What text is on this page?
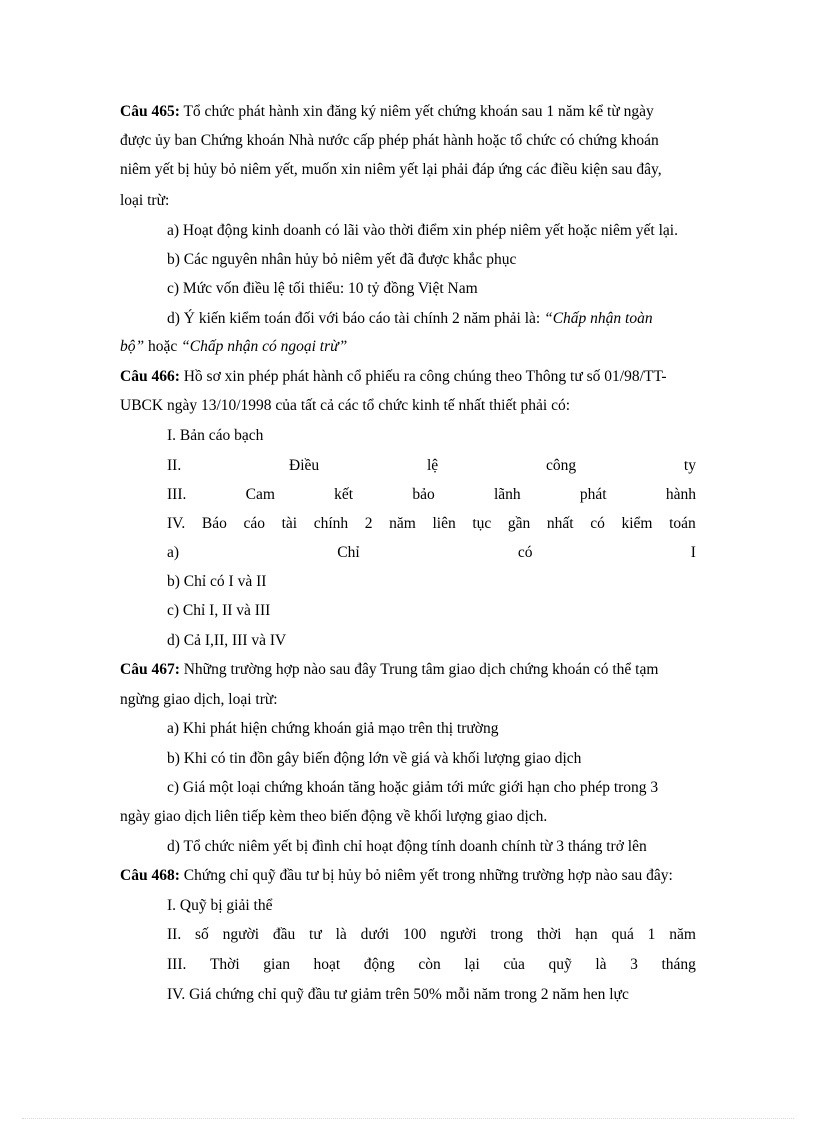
Câu 465: Tổ chức phát hành xin đăng ký niêm yết chứng khoán sau 1 năm kể từ ngày
được ủy ban Chứng khoán Nhà nước cấp phép phát hành hoặc tổ chức có chứng khoán
niêm yết bị hủy bỏ niêm yết, muốn xin niêm yết lại phải đáp ứng các điều kiện sau đây,
loại trừ:
a) Hoạt động kinh doanh có lãi vào thời điểm xin phép niêm yết hoặc niêm yết lại.
b) Các nguyên nhân hủy bỏ niêm yết đã được khắc phục
c) Mức vốn điều lệ tối thiểu: 10 tỷ đồng Việt Nam
d) Ý kiến kiểm toán đối với báo cáo tài chính 2 năm phải là: “Chấp nhận toàn
bộ” hoặc “Chấp nhận có ngoại trừ”
Câu 466: Hồ sơ xin phép phát hành cổ phiếu ra công chúng theo Thông tư số 01/98/TT-
UBCK ngày 13/10/1998 của tất cả các tổ chức kinh tế nhất thiết phải có:
I. Bản cáo bạch
II.	Điều	lệ	công	ty
III.	Cam	kết	bảo	lãnh	phát	hành
IV. Báo cáo tài chính 2 năm liên tục gần nhất có kiểm toán
a)	Chỉ	có	I
b) Chỉ có I và II
c) Chỉ I, II và III
d) Cả I,II, III và IV
Câu 467: Những trường hợp nào sau đây Trung tâm giao dịch chứng khoán có thể tạm
ngừng giao dịch, loại trừ:
a) Khi phát hiện chứng khoán giả mạo trên thị trường
b) Khi có tin đồn gây biến động lớn về giá và khối lượng giao dịch
c) Giá một loại chứng khoán tăng hoặc giảm tới mức giới hạn cho phép trong 3
ngày giao dịch liên tiếp kèm theo biến động về khối lượng giao dịch.
d) Tổ chức niêm yết bị đình chỉ hoạt động tính doanh chính từ 3 tháng trở lên
Câu 468: Chứng chỉ quỹ đầu tư bị hủy bỏ niêm yết trong những trường hợp nào sau đây:
I. Quỹ bị giải thể
II. số người đầu tư là dưới 100 người trong thời hạn quá 1 năm
III. Thời gian hoạt động còn lại của quỹ là 3 tháng
IV. Giá chứng chỉ quỹ đầu tư giảm trên 50% mỗi năm trong 2 năm hen lực
